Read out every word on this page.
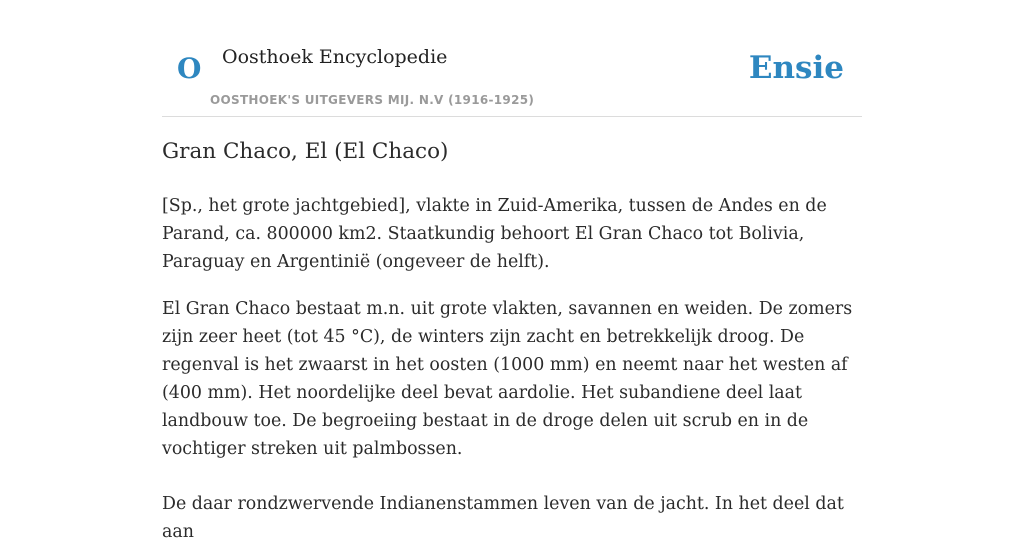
O Oosthoek Encyclopedie
OOSTHOEK'S UITGEVERS MIJ. N.V (1916-1925)
Ensie
Gran Chaco, El (El Chaco)

[Sp., het grote jachtgebied], vlakte in Zuid-Amerika, tussen de Andes en de Parand, ca. 800000 km2. Staatkundig behoort El Gran Chaco tot Bolivia, Paraguay en Argentinië (ongeveer de helft).

El Gran Chaco bestaat m.n. uit grote vlakten, savannen en weiden. De zomers zijn zeer heet (tot 45 °C), de winters zijn zacht en betrekkelijk droog. De regenval is het zwaarst in het oosten (1000 mm) en neemt naar het westen af (400 mm). Het noordelijke deel bevat aardolie. Het subandiene deel laat landbouw toe. De begroeiing bestaat in de droge delen uit scrub en in de vochtiger streken uit palmbossen.

De daar rondzwervende Indianenstammen leven van de jacht. In het deel dat aan
